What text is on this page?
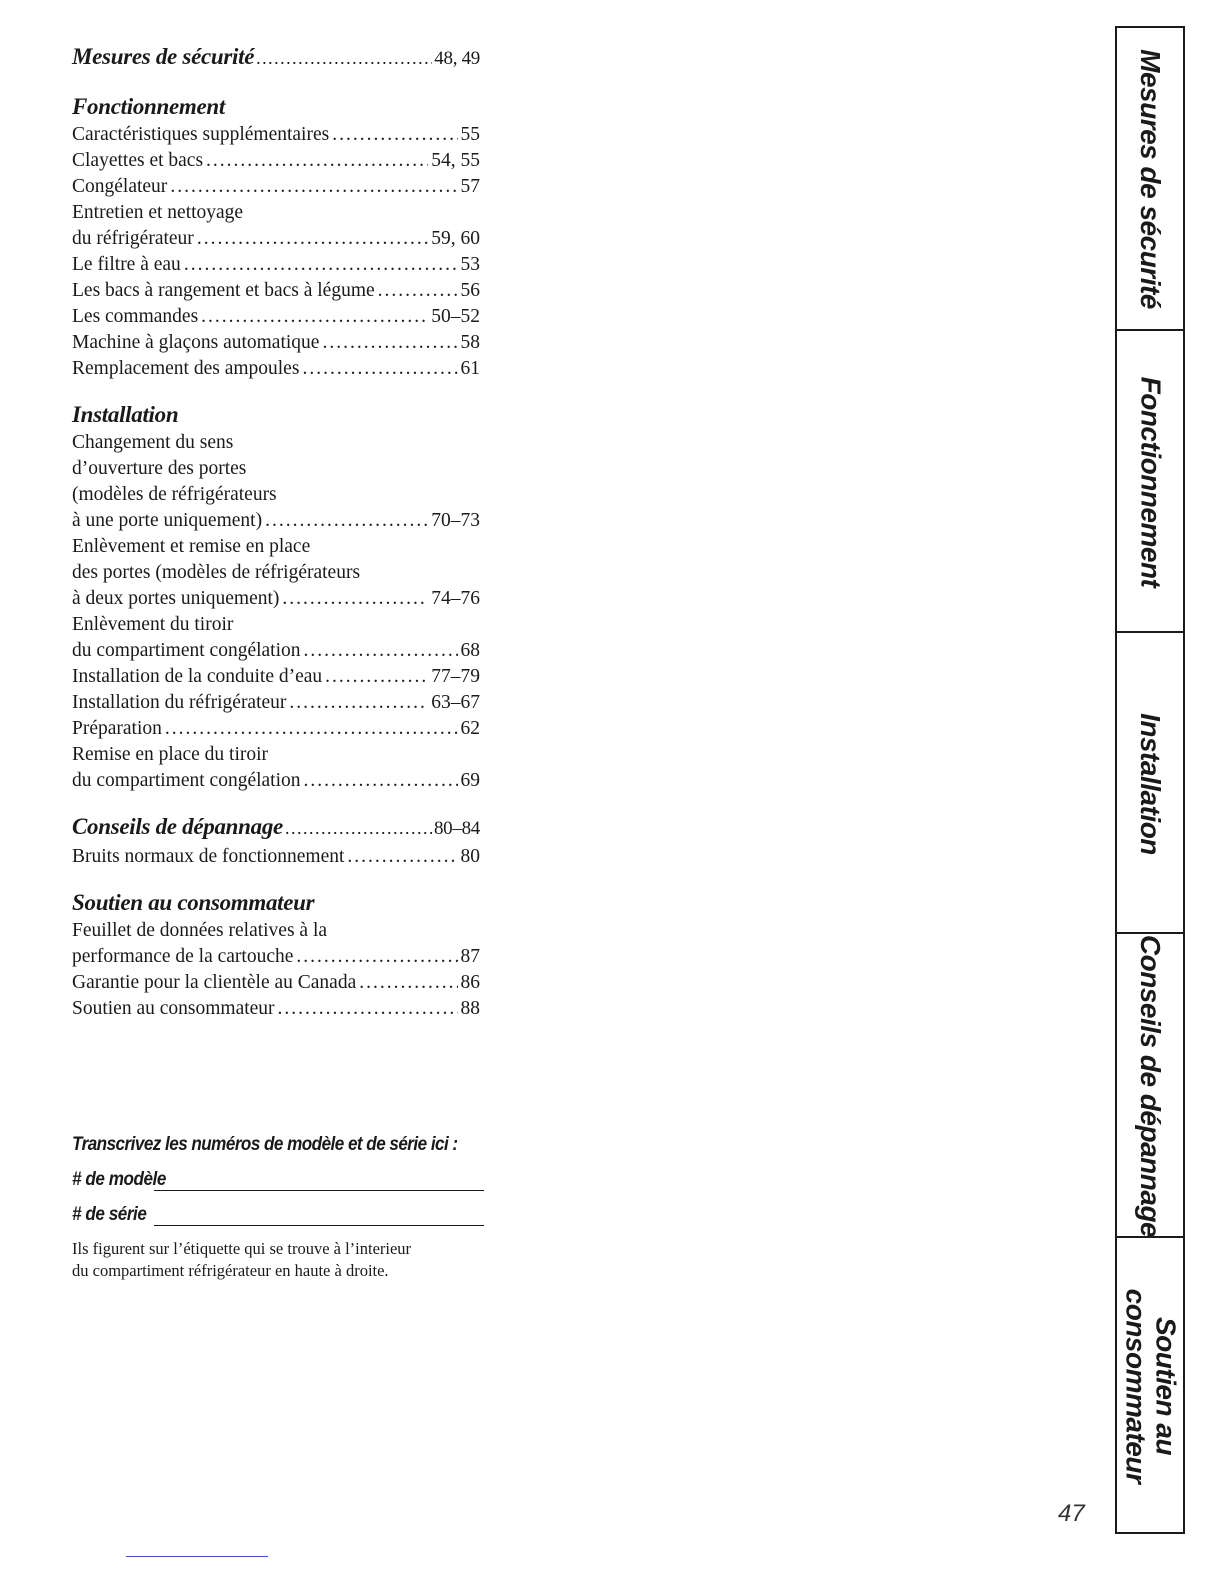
Mesures de sécurité .....	48, 49
Fonctionnement
Caractéristiques supplémentaires .....	55
Clayettes et bacs .....	54, 55
Congélateur .....	57
Entretien et nettoyage
du réfrigérateur .....	59, 60
Le filtre à eau .....	53
Les bacs à rangement et bacs à légume .....	56
Les commandes .....	50–52
Machine à glaçons automatique .....	58
Remplacement des ampoules .....	61
Installation
Changement du sens
d’ouverture des portes
(modèles de réfrigérateurs
à une porte uniquement) .....	70–73
Enlèvement et remise en place
des portes (modèles de réfrigérateurs
à deux portes uniquement) .....	74–76
Enlèvement du tiroir
du compartiment congélation .....	68
Installation de la conduite d’eau .....	77–79
Installation du réfrigérateur .....	63–67
Préparation .....	62
Remise en place du tiroir
du compartiment congélation .....	69
Conseils de dépannage .....	80–84
Bruits normaux de fonctionnement .....	80
Soutien au consommateur
Feuillet de données relatives à la
performance de la cartouche .....	87
Garantie pour la clientèle au Canada .....	86
Soutien au consommateur .....	88
Transcrivez les numéros de modèle et de série ici :
# de modèle
# de série
Ils figurent sur l’étiquette qui se trouve à l’interieur
du compartiment réfrigérateur en haute à droite.
Mesures de sécurité
Fonctionnement
Installation
Conseils de dépannage
Soutien au
consommateur
47
